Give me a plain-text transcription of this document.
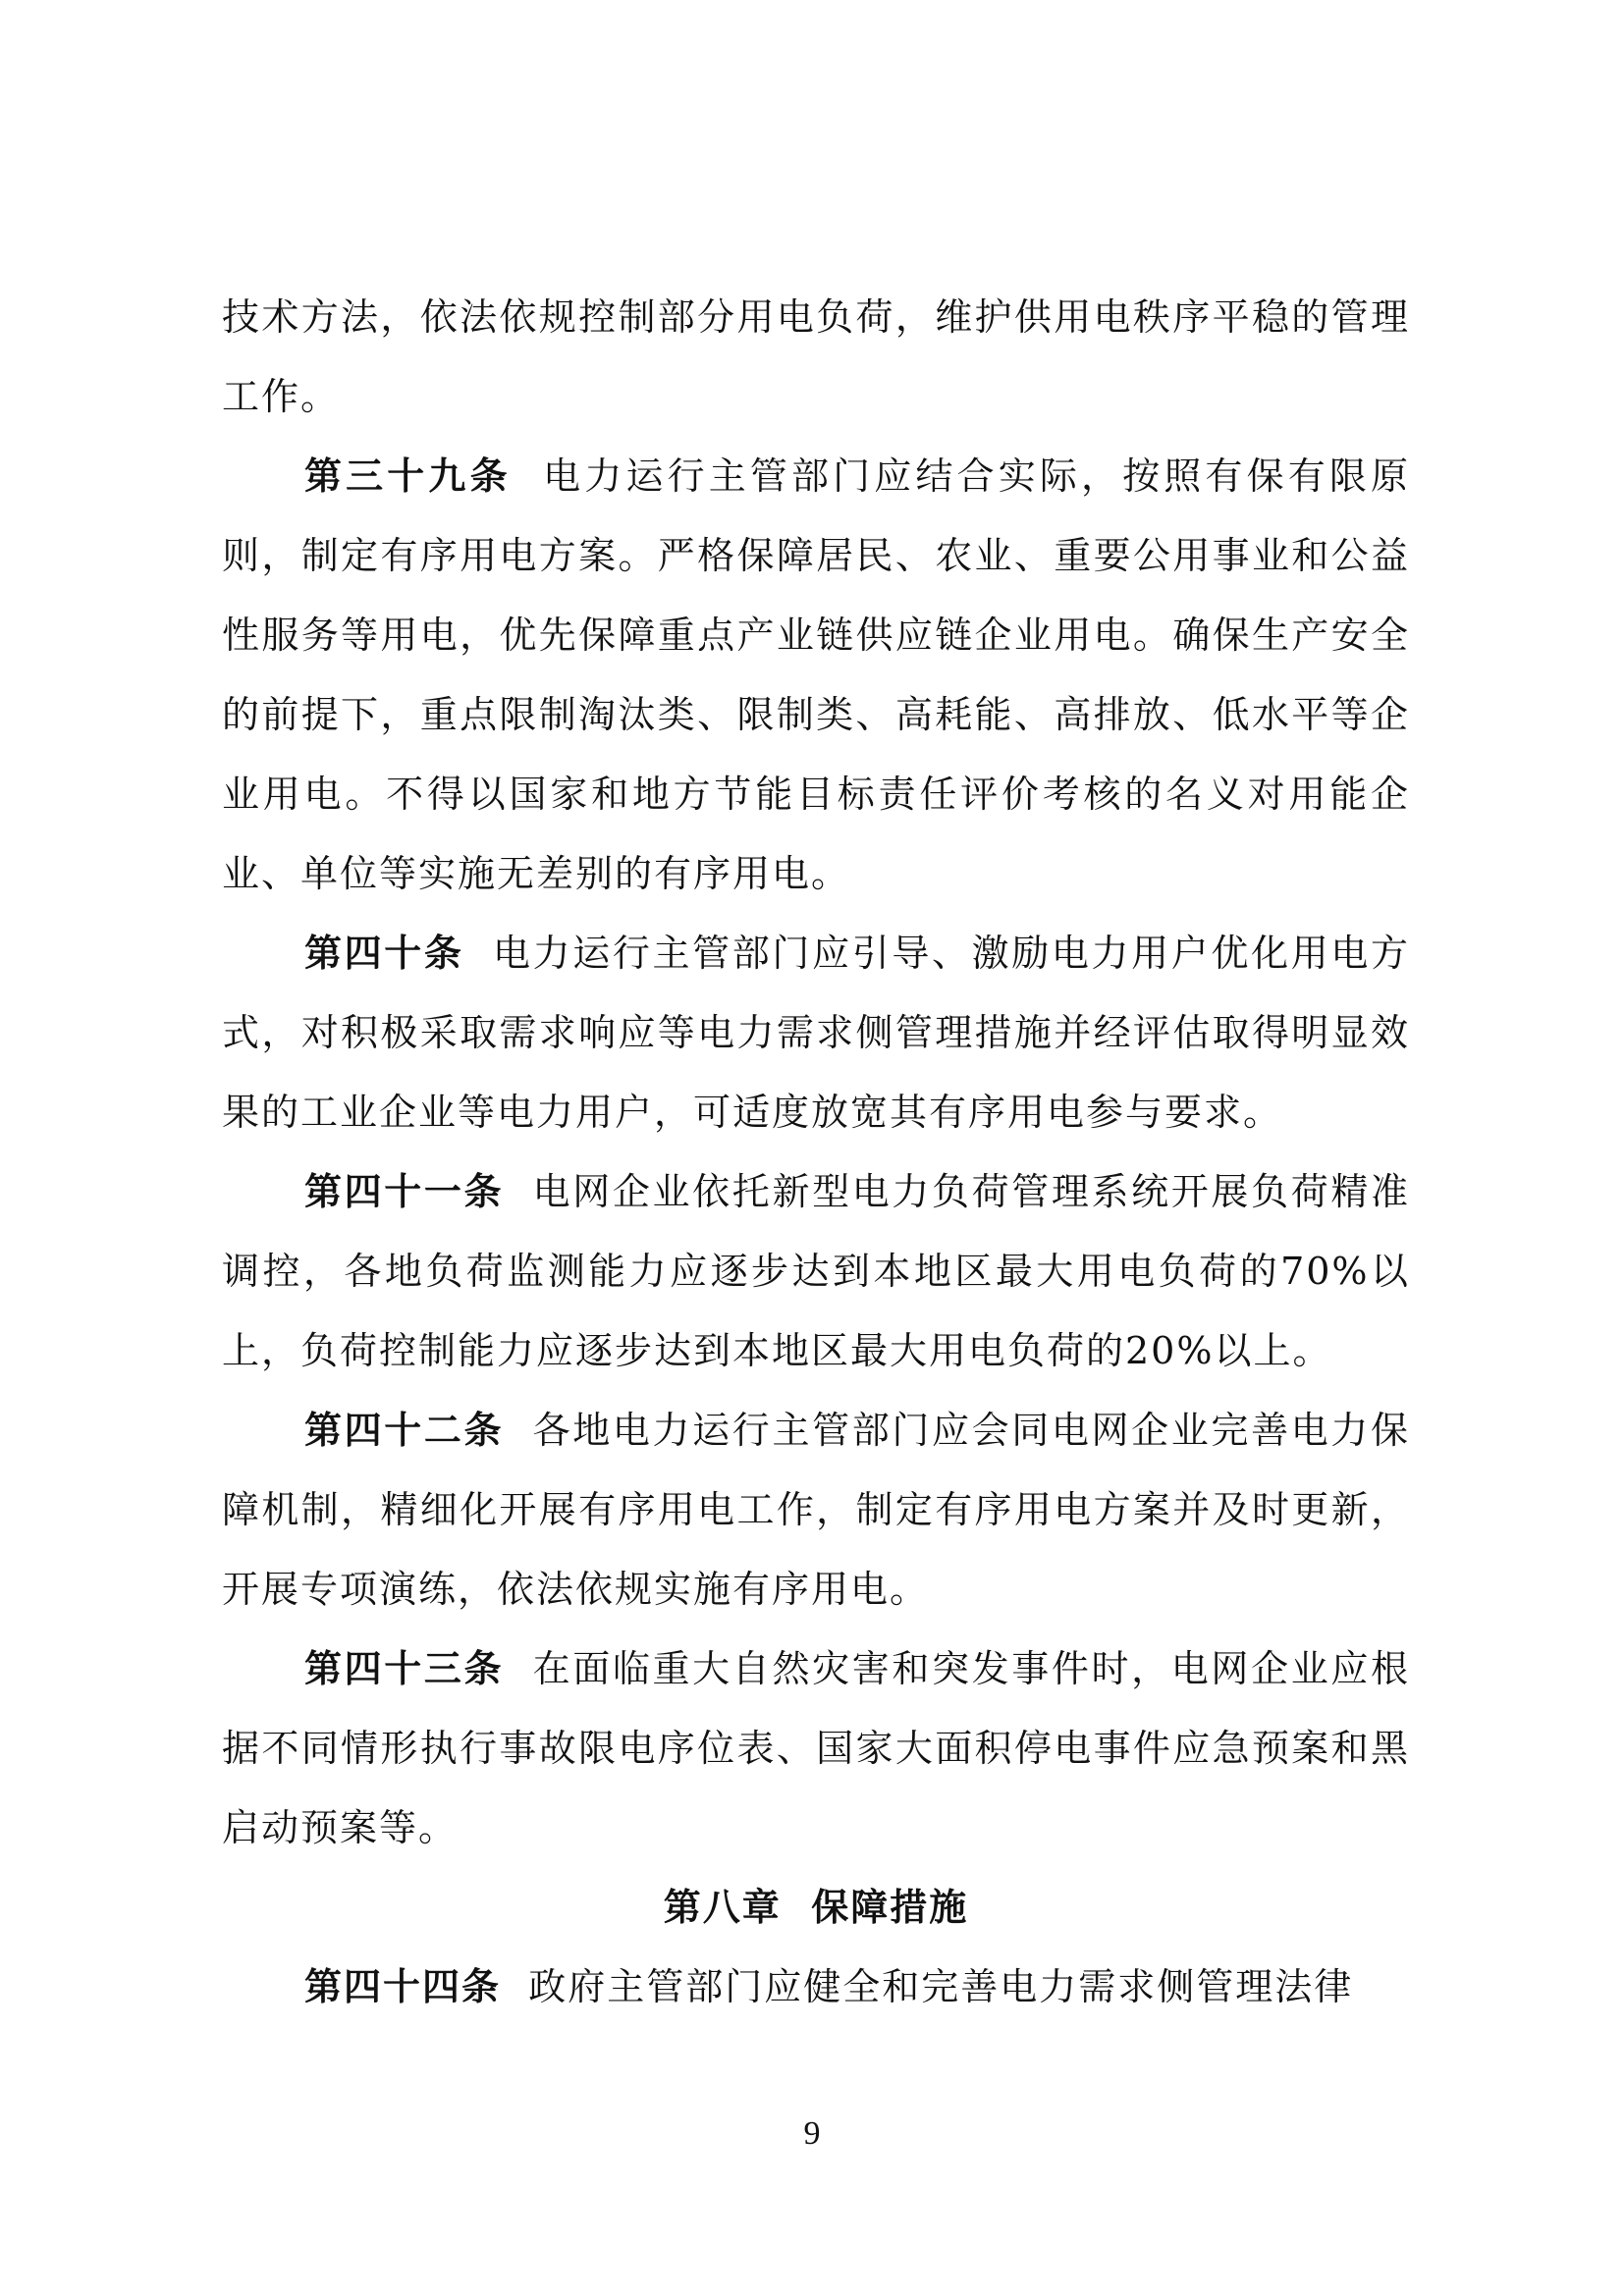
技术方法，依法依规控制部分用电负荷，维护供用电秩序平稳的管理工作。

第三十九条 电力运行主管部门应结合实际，按照有保有限原则，制定有序用电方案。严格保障居民、农业、重要公用事业和公益性服务等用电，优先保障重点产业链供应链企业用电。确保生产安全的前提下，重点限制淘汰类、限制类、高耗能、高排放、低水平等企业用电。不得以国家和地方节能目标责任评价考核的名义对用能企业、单位等实施无差别的有序用电。

第四十条 电力运行主管部门应引导、激励电力用户优化用电方式，对积极采取需求响应等电力需求侧管理措施并经评估取得明显效果的工业企业等电力用户，可适度放宽其有序用电参与要求。

第四十一条 电网企业依托新型电力负荷管理系统开展负荷精准调控，各地负荷监测能力应逐步达到本地区最大用电负荷的70%以上，负荷控制能力应逐步达到本地区最大用电负荷的20%以上。

第四十二条 各地电力运行主管部门应会同电网企业完善电力保障机制，精细化开展有序用电工作，制定有序用电方案并及时更新，开展专项演练，依法依规实施有序用电。

第四十三条 在面临重大自然灾害和突发事件时，电网企业应根据不同情形执行事故限电序位表、国家大面积停电事件应急预案和黑启动预案等。

第八章  保障措施

第四十四条 政府主管部门应健全和完善电力需求侧管理法律

9
